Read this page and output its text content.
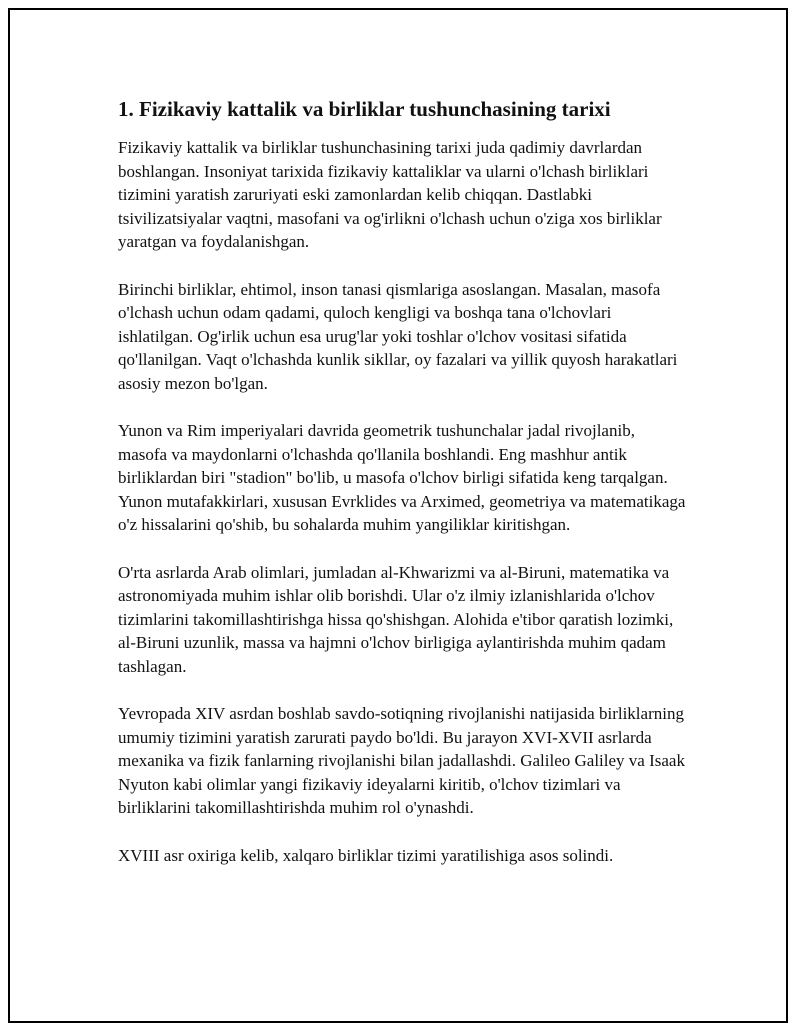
1. Fizikaviy kattalik va birliklar tushunchasining tarixi

Fizikaviy kattalik va birliklar tushunchasining tarixi juda qadimiy davrlardan boshlangan. Insoniyat tarixida fizikaviy kattaliklar va ularni o'lchash birliklari tizimini yaratish zaruriyati eski zamonlardan kelib chiqqan. Dastlabki tsivilizatsiyalar vaqtni, masofani va og'irlikni o'lchash uchun o'ziga xos birliklar yaratgan va foydalanishgan.

Birinchi birliklar, ehtimol, inson tanasi qismlariga asoslangan. Masalan, masofa o'lchash uchun odam qadami, quloch kengligi va boshqa tana o'lchovlari ishlatilgan. Og'irlik uchun esa urug'lar yoki toshlar o'lchov vositasi sifatida qo'llanilgan. Vaqt o'lchashda kunlik sikllar, oy fazalari va yillik quyosh harakatlari asosiy mezon bo'lgan.

Yunon va Rim imperiyalari davrida geometrik tushunchalar jadal rivojlanib, masofa va maydonlarni o'lchashda qo'llanila boshlandi. Eng mashhur antik birliklardan biri "stadion" bo'lib, u masofa o'lchov birligi sifatida keng tarqalgan. Yunon mutafakkirlari, xususan Evrklides va Arximed, geometriya va matematikaga o'z hissalarini qo'shib, bu sohalarda muhim yangiliklar kiritishgan.

O'rta asrlarda Arab olimlari, jumladan al-Khwarizmi va al-Biruni, matematika va astronomiyada muhim ishlar olib borishdi. Ular o'z ilmiy izlanishlarida o'lchov tizimlarini takomillashtirishga hissa qo'shishgan. Alohida e'tibor qaratish lozimki, al-Biruni uzunlik, massa va hajmni o'lchov birligiga aylantirishda muhim qadam tashlagan.

Yevropada XIV asrdan boshlab savdo-sotiqning rivojlanishi natijasida birliklarning umumiy tizimini yaratish zarurati paydo bo'ldi. Bu jarayon XVI-XVII asrlarda mexanika va fizik fanlarning rivojlanishi bilan jadallashdi. Galileo Galiley va Isaak Nyuton kabi olimlar yangi fizikaviy ideyalarni kiritib, o'lchov tizimlari va birliklarini takomillashtirishda muhim rol o'ynashdi.

XVIII asr oxiriga kelib, xalqaro birliklar tizimi yaratilishiga asos solindi.
